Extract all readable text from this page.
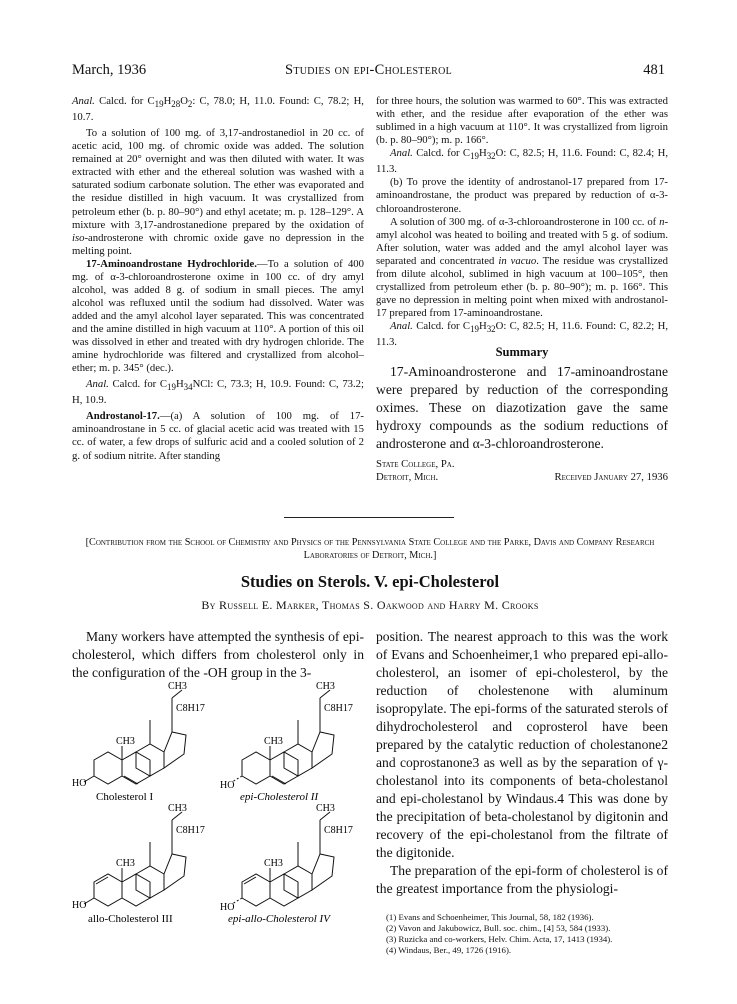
March, 1936	Studies on epi-Cholesterol	481

Anal. Calcd. for $C_{19}H_{28}O_2$: C, 78.0; H, 11.0. Found: C, 78.2; H, 10.7.

To a solution of 100 mg. of 3,17-androstanediol in 20 cc. of acetic acid, 100 mg. of chromic oxide was added. The solution remained at 20° overnight and was then diluted with water. It was extracted with ether and the ethereal solution was washed with a saturated sodium carbonate solution. The ether was evaporated and the residue distilled in high vacuum. It was crystallized from petroleum ether (b. p. 80–90°) and ethyl acetate; m. p. 128–129°. A mixture with 3,17-androstanedione prepared by the oxidation of iso-androsterone with chromic oxide gave no depression in the melting point.

17-Aminoandrostane Hydrochloride.—To a solution of 400 mg. of α-3-chloroandrosterone oxime in 100 cc. of dry amyl alcohol, was added 8 g. of sodium in small pieces. The amyl alcohol was refluxed until the sodium had dissolved. Water was added and the amyl alcohol layer separated. This was concentrated and the amine distilled in high vacuum at 110°. A portion of this oil was dissolved in ether and treated with dry hydrogen chloride. The amine hydrochloride was filtered and crystallized from alcohol–ether; m. p. 345° (dec.).

Anal. Calcd. for $C_{19}H_{34}NCl$: C, 73.3; H, 10.9. Found: C, 73.2; H, 10.9.

Androstanol-17.—(a) A solution of 100 mg. of 17-aminoandrostane in 5 cc. of glacial acetic acid was treated with 15 cc. of water, a few drops of sulfuric acid and a cooled solution of 2 g. of sodium nitrite. After standing

for three hours, the solution was warmed to 60°. This was extracted with ether, and the residue after evaporation of the ether was sublimed in a high vacuum at 110°. It was crystallized from ligroin (b. p. 80–90°); m. p. 166°.

Anal. Calcd. for $C_{19}H_{32}O$: C, 82.5; H, 11.6. Found: C, 82.4; H, 11.3.

(b) To prove the identity of androstanol-17 prepared from 17-aminoandrostane, the product was prepared by reduction of α-3-chloroandrosterone.

A solution of 300 mg. of α-3-chloroandrosterone in 100 cc. of n-amyl alcohol was heated to boiling and treated with 5 g. of sodium. After solution, water was added and the amyl alcohol layer was separated and concentrated in vacuo. The residue was crystallized from dilute alcohol, sublimed in high vacuum at 100–105°, then crystallized from petroleum ether (b. p. 80–90°); m. p. 166°. This gave no depression in melting point when mixed with androstanol-17 prepared from 17-aminoandrostane.

Anal. Calcd. for $C_{19}H_{32}O$: C, 82.5; H, 11.6. Found: C, 82.2; H, 11.3.

Summary

17-Aminoandrosterone and 17-aminoandrostane were prepared by reduction of the corresponding oximes. These on diazotization gave the same hydroxy compounds as the sodium reductions of androsterone and α-3-chloroandrosterone.

State College, Pa.
Detroit, Mich.	Received January 27, 1936
[Contribution from the School of Chemistry and Physics of the Pennsylvania State College and the Parke, Davis and Company Research Laboratories of Detroit, Mich.]
Studies on Sterols. V. epi-Cholesterol
By Russell E. Marker, Thomas S. Oakwood and Harry M. Crooks

Many workers have attempted the synthesis of epi-cholesterol, which differs from cholesterol only in the configuration of the -OH group in the 3-

CH3
C8H17
CH3
HO
Cholesterol I
CH3
C8H17
CH3
HO
epi-Cholesterol II
CH3
C8H17
CH3
HO
allo-Cholesterol III
CH3
C8H17
CH3
HO
epi-allo-Cholesterol IV

position. The nearest approach to this was the work of Evans and Schoenheimer,1 who prepared epi-allo-cholesterol, an isomer of epi-cholesterol, by the reduction of cholestenone with aluminum isopropylate. The epi-forms of the saturated sterols of dihydrocholesterol and coprosterol have been prepared by the catalytic reduction of cholestanone2 and coprostanone3 as well as by the separation of γ-cholestanol into its components of beta-cholestanol and epi-cholestanol by Windaus.4 This was done by the precipitation of beta-cholestanol by digitonin and recovery of the epi-cholestanol from the filtrate of the digitonide.

The preparation of the epi-form of cholesterol is of the greatest importance from the physiologi-

(1) Evans and Schoenheimer, This Journal, 58, 182 (1936).
(2) Vavon and Jakubowicz, Bull. soc. chim., [4] 53, 584 (1933).
(3) Ruzicka and co-workers, Helv. Chim. Acta, 17, 1413 (1934).
(4) Windaus, Ber., 49, 1726 (1916).
